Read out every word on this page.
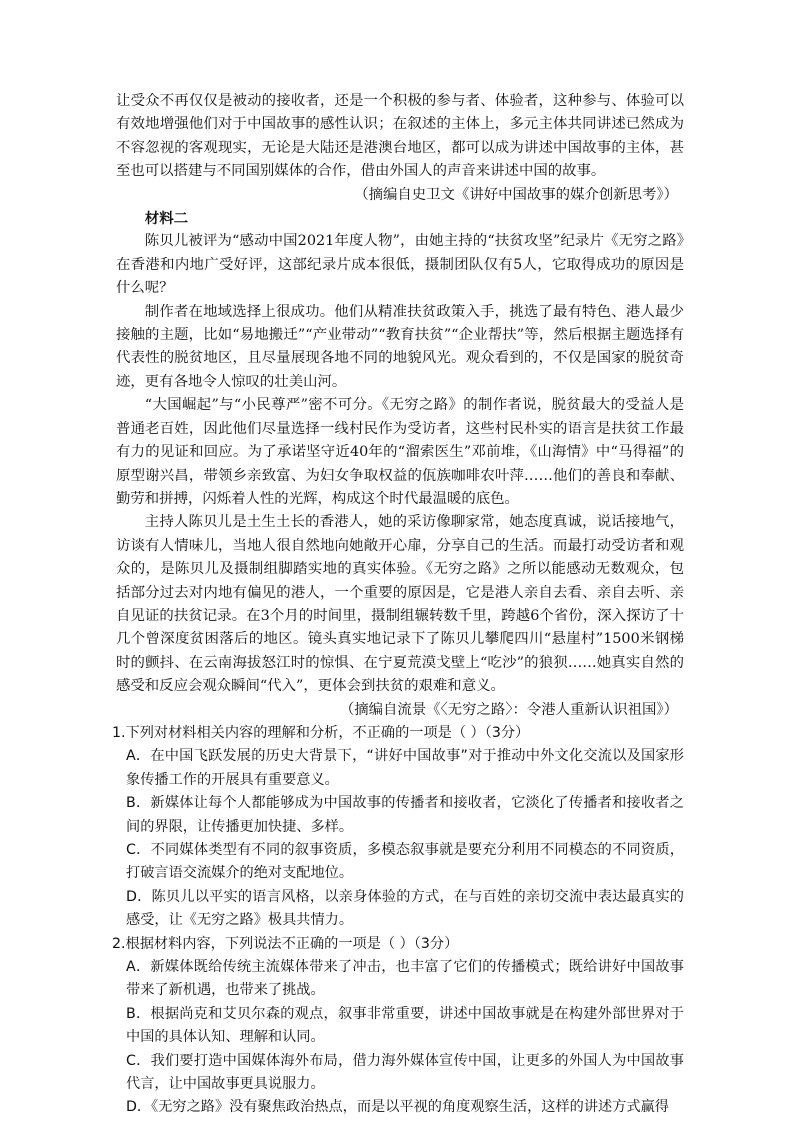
让受众不再仅仅是被动的接收者，还是一个积极的参与者、体验者，这种参与、体验可以有效地增强他们对于中国故事的感性认识；在叙述的主体上，多元主体共同讲述已然成为不容忽视的客观现实，无论是大陆还是港澳台地区，都可以成为讲述中国故事的主体，甚至也可以搭建与不同国别媒体的合作，借由外国人的声音来讲述中国的故事。

（摘编自史卫文《讲好中国故事的媒介创新思考》）

材料二

陈贝儿被评为“感动中国2021年度人物”，由她主持的“扶贫攻坚”纪录片《无穷之路》在香港和内地广受好评，这部纪录片成本很低，摄制团队仅有5人，它取得成功的原因是什么呢？

制作者在地域选择上很成功。他们从精准扶贫政策入手，挑选了最有特色、港人最少接触的主题，比如“易地搬迁”“产业带动”“教育扶贫”“企业帮扶”等，然后根据主题选择有代表性的脱贫地区，且尽量展现各地不同的地貌风光。观众看到的，不仅是国家的脱贫奇迹，更有各地令人惊叹的壮美山河。

“大国崛起”与“小民尊严”密不可分。《无穷之路》的制作者说，脱贫最大的受益人是普通老百姓，因此他们尽量选择一线村民作为受访者，这些村民朴实的语言是扶贫工作最有力的见证和回应。为了承诺坚守近40年的“溜索医生”邓前堆，《山海情》中“马得福”的原型谢兴昌，带领乡亲致富、为妇女争取权益的佤族咖啡农叶萍……他们的善良和奉献、勤劳和拼搏，闪烁着人性的光辉，构成这个时代最温暖的底色。

主持人陈贝儿是土生土长的香港人，她的采访像聊家常，她态度真诚，说话接地气，访谈有人情味儿，当地人很自然地向她敞开心扉，分享自己的生活。而最打动受访者和观众的，是陈贝儿及摄制组脚踏实地的真实体验。《无穷之路》之所以能感动无数观众，包括部分过去对内地有偏见的港人，一个重要的原因是，它是港人亲自去看、亲自去听、亲自见证的扶贫记录。在3个月的时间里，摄制组辗转数千里，跨越6个省份，深入探访了十几个曾深度贫困落后的地区。镜头真实地记录下了陈贝儿攀爬四川“悬崖村”1500米钢梯时的颤抖、在云南海拔怒江时的惊惧、在宁夏荒漠戈壁上“吃沙”的狼狈……她真实自然的感受和反应会观众瞬间“代入”，更体会到扶贫的艰难和意义。

（摘编自流景《〈无穷之路〉：令港人重新认识祖国》）

1.下列对材料相关内容的理解和分析，不正确的一项是（ ）（3分）

A．在中国飞跃发展的历史大背景下，“讲好中国故事”对于推动中外文化交流以及国家形象传播工作的开展具有重要意义。

B．新媒体让每个人都能够成为中国故事的传播者和接收者，它淡化了传播者和接收者之间的界限，让传播更加快捷、多样。

C．不同媒体类型有不同的叙事资质，多模态叙事就是要充分利用不同模态的不同资质，打破言语交流媒介的绝对支配地位。

D．陈贝儿以平实的语言风格，以亲身体验的方式，在与百姓的亲切交流中表达最真实的感受，让《无穷之路》极具共情力。

2.根据材料内容，下列说法不正确的一项是（ ）（3分）

A．新媒体既给传统主流媒体带来了冲击，也丰富了它们的传播模式；既给讲好中国故事带来了新机遇，也带来了挑战。

B．根据尚克和艾贝尔森的观点，叙事非常重要，讲述中国故事就是在构建外部世界对于中国的具体认知、理解和认同。

C．我们要打造中国媒体海外布局，借力海外媒体宣传中国，让更多的外国人为中国故事代言，让中国故事更具说服力。

D．《无穷之路》没有聚焦政治热点，而是以平视的角度观察生活，这样的讲述方式赢得
